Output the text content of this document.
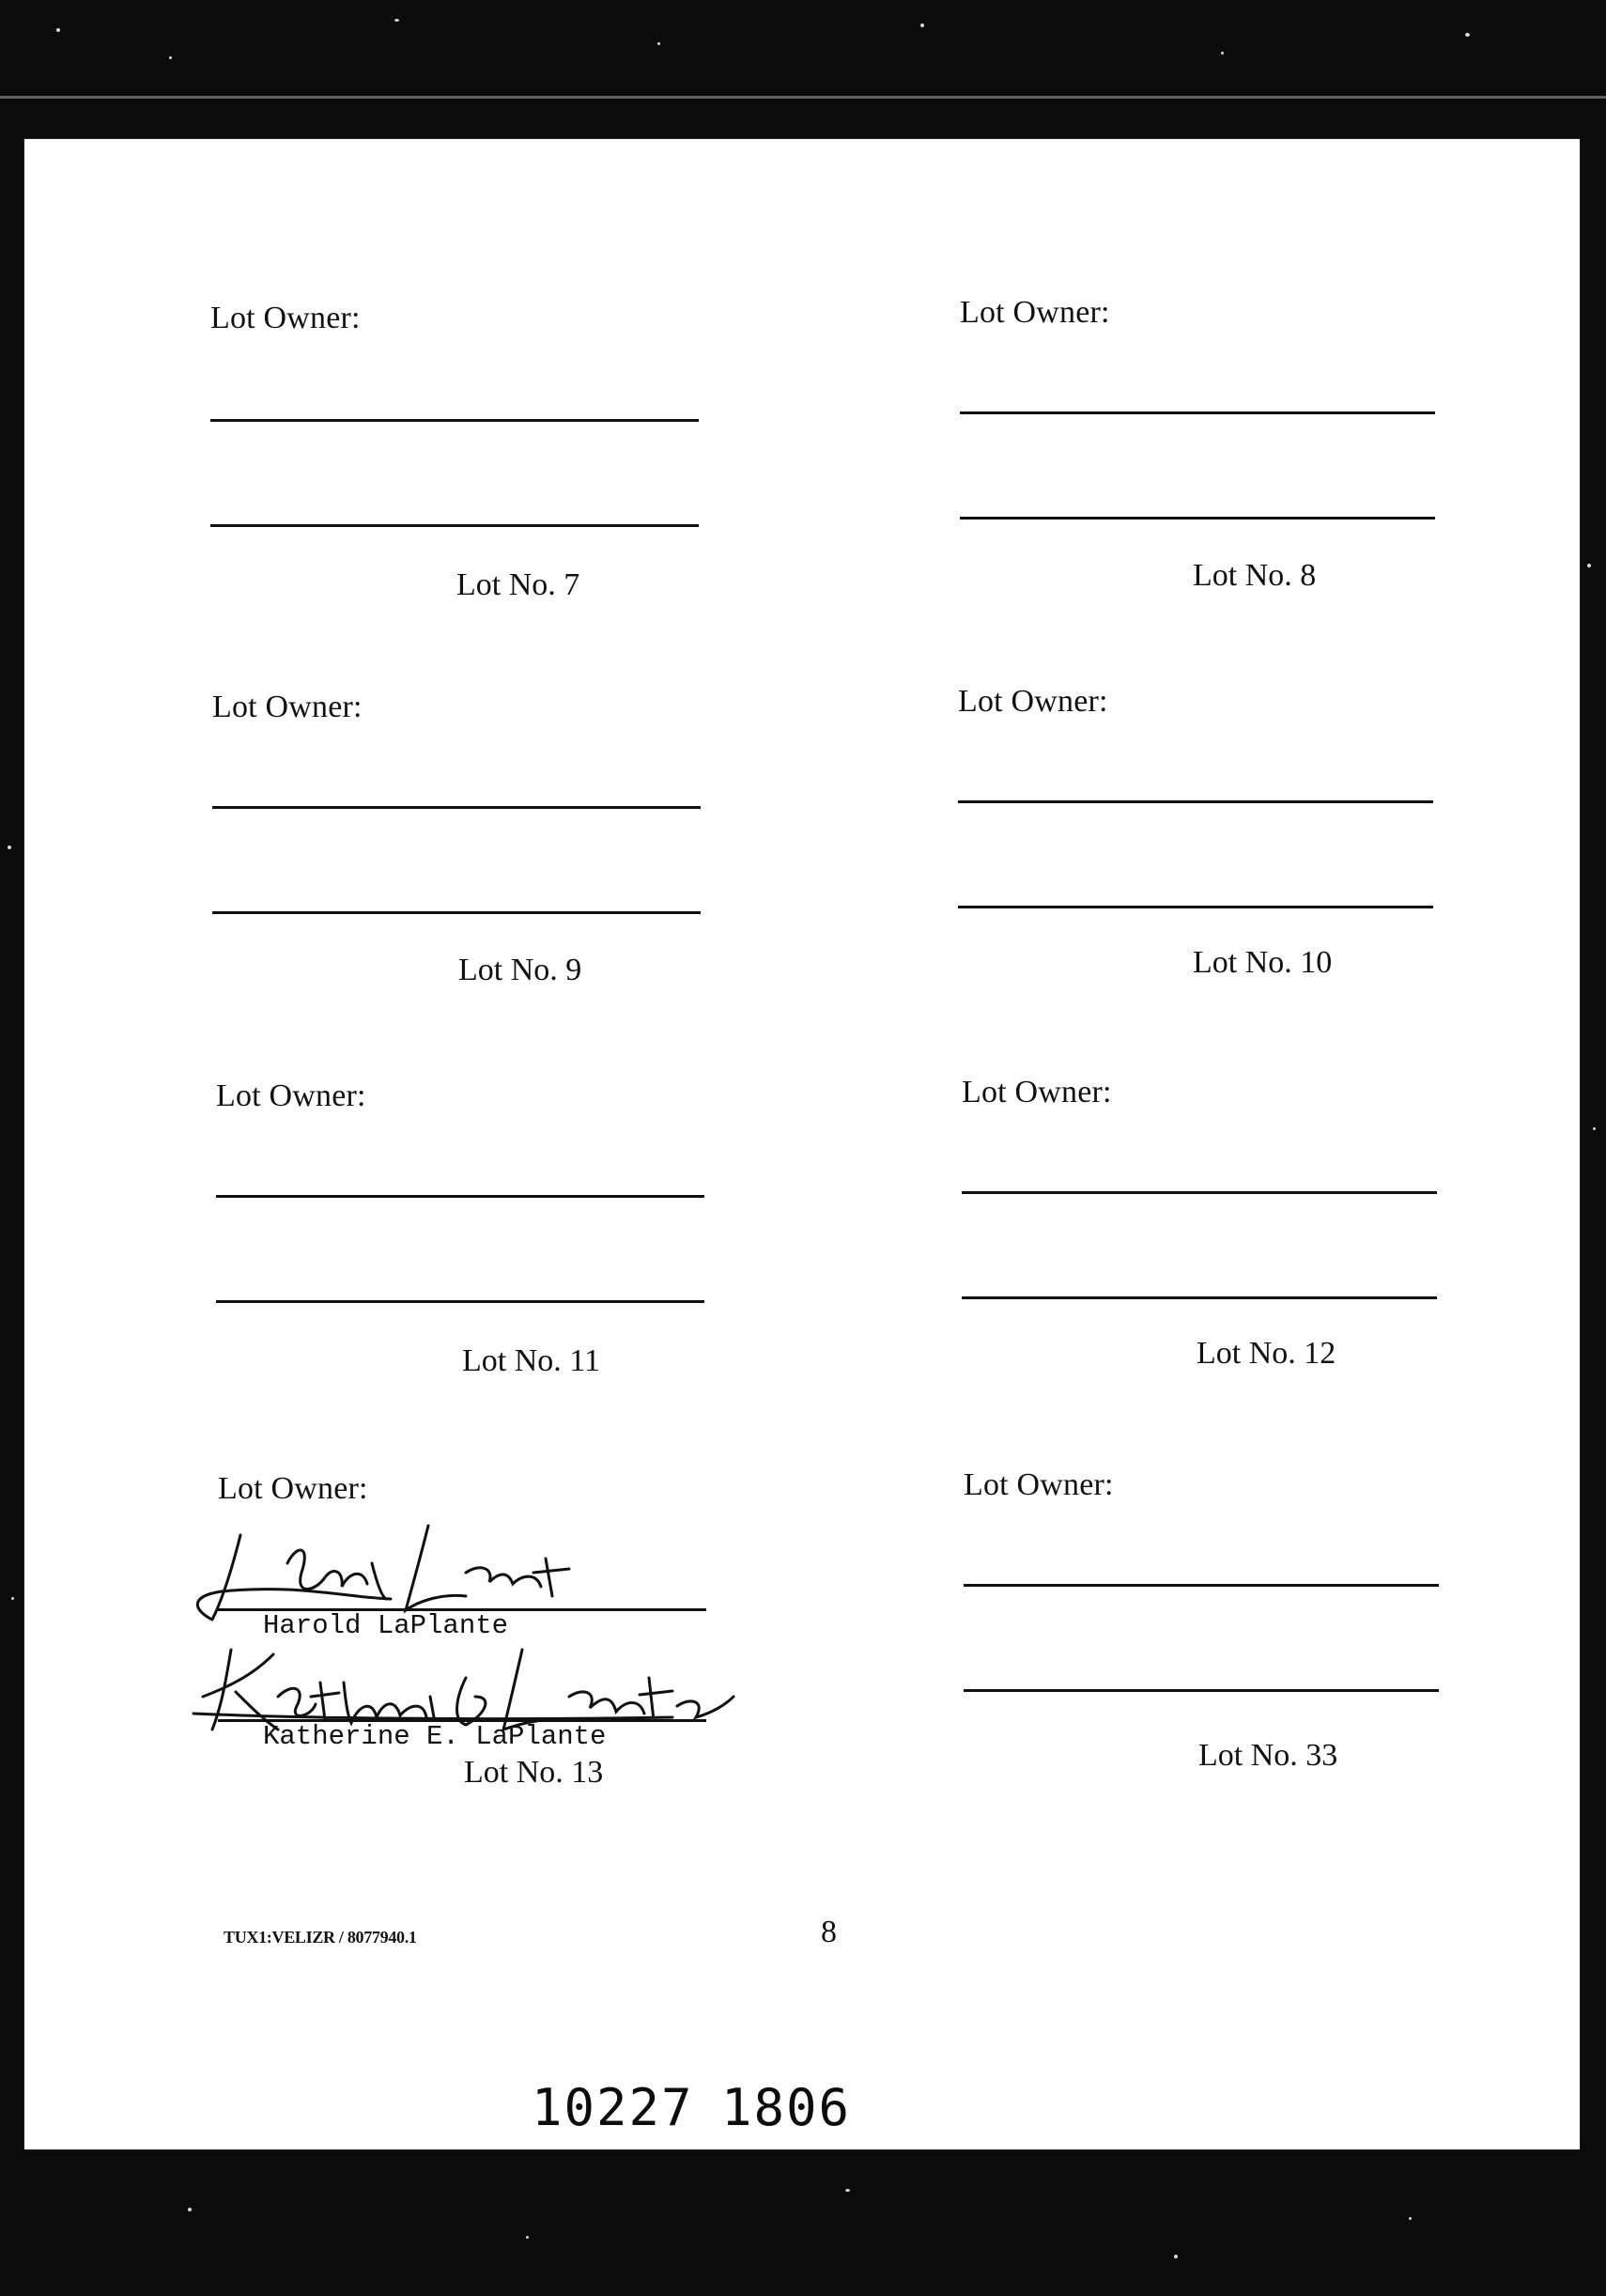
Lot Owner:
Lot No. 7
Lot Owner:
Lot No. 8
Lot Owner:
Lot No. 9
Lot Owner:
Lot No. 10
Lot Owner:
Lot No. 11
Lot Owner:
Lot No. 12
Lot Owner:
Harold LaPlante
Katherine E. LaPlante
Lot No. 13
Lot Owner:
Lot No. 33
TUX1:VELIZR / 8077940.1	8
10227 1806
